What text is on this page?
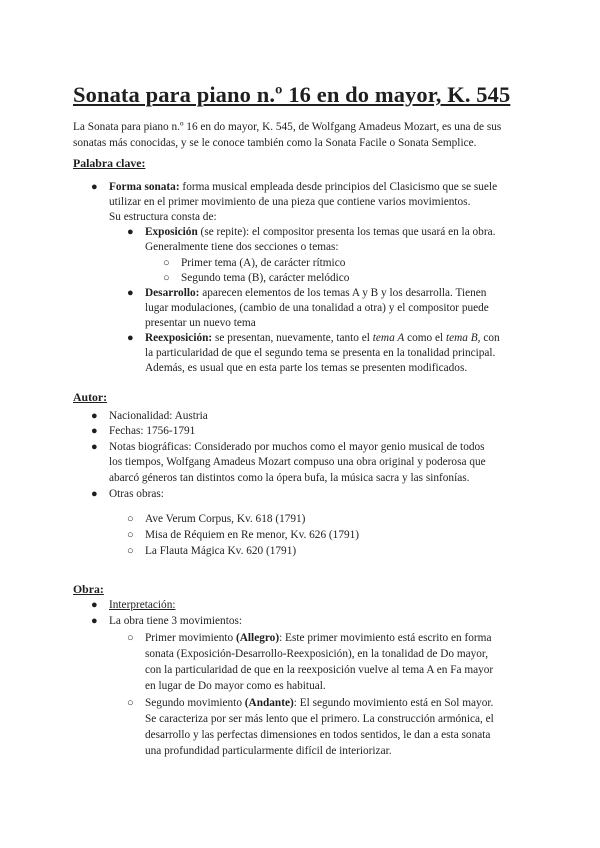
Sonata para piano n.º 16 en do mayor, K. 545

La Sonata para piano n.º 16 en do mayor, K. 545, de Wolfgang Amadeus Mozart, es una de sus sonatas más conocidas, y se le conoce también como la Sonata Facile o Sonata Semplice.

Palabra clave:
● Forma sonata: forma musical empleada desde principios del Clasicismo que se suele
utilizar en el primer movimiento de una pieza que contiene varios movimientos.
Su estructura consta de:
● Exposición (se repite): el compositor presenta los temas que usará en la obra.
Generalmente tiene dos secciones o temas:
○ Primer tema (A), de carácter rítmico
○ Segundo tema (B), carácter melódico
● Desarrollo: aparecen elementos de los temas A y B y los desarrolla. Tienen
lugar modulaciones, (cambio de una tonalidad a otra) y el compositor puede
presentar un nuevo tema
● Reexposición: se presentan, nuevamente, tanto el tema A como el tema B, con
la particularidad de que el segundo tema se presenta en la tonalidad principal.
Además, es usual que en esta parte los temas se presenten modificados.
Autor:
● Nacionalidad: Austria
● Fechas: 1756-1791
● Notas biográficas: Considerado por muchos como el mayor genio musical de todos
los tiempos, Wolfgang Amadeus Mozart compuso una obra original y poderosa que
abarcó géneros tan distintos como la ópera bufa, la música sacra y las sinfonías.
● Otras obras:
○ Ave Verum Corpus, Kv. 618 (1791)
○ Misa de Réquiem en Re menor, Kv. 626 (1791)
○ La Flauta Mágica Kv. 620 (1791)
Obra:
● Interpretación:
● La obra tiene 3 movimientos:
○ Primer movimiento (Allegro): Este primer movimiento está escrito en forma
sonata (Exposición-Desarrollo-Reexposición), en la tonalidad de Do mayor,
con la particularidad de que en la reexposición vuelve al tema A en Fa mayor
en lugar de Do mayor como es habitual.
○ Segundo movimiento (Andante): El segundo movimiento está en Sol mayor.
Se caracteriza por ser más lento que el primero. La construcción armónica, el
desarrollo y las perfectas dimensiones en todos sentidos, le dan a esta sonata
una profundidad particularmente difícil de interiorizar.
